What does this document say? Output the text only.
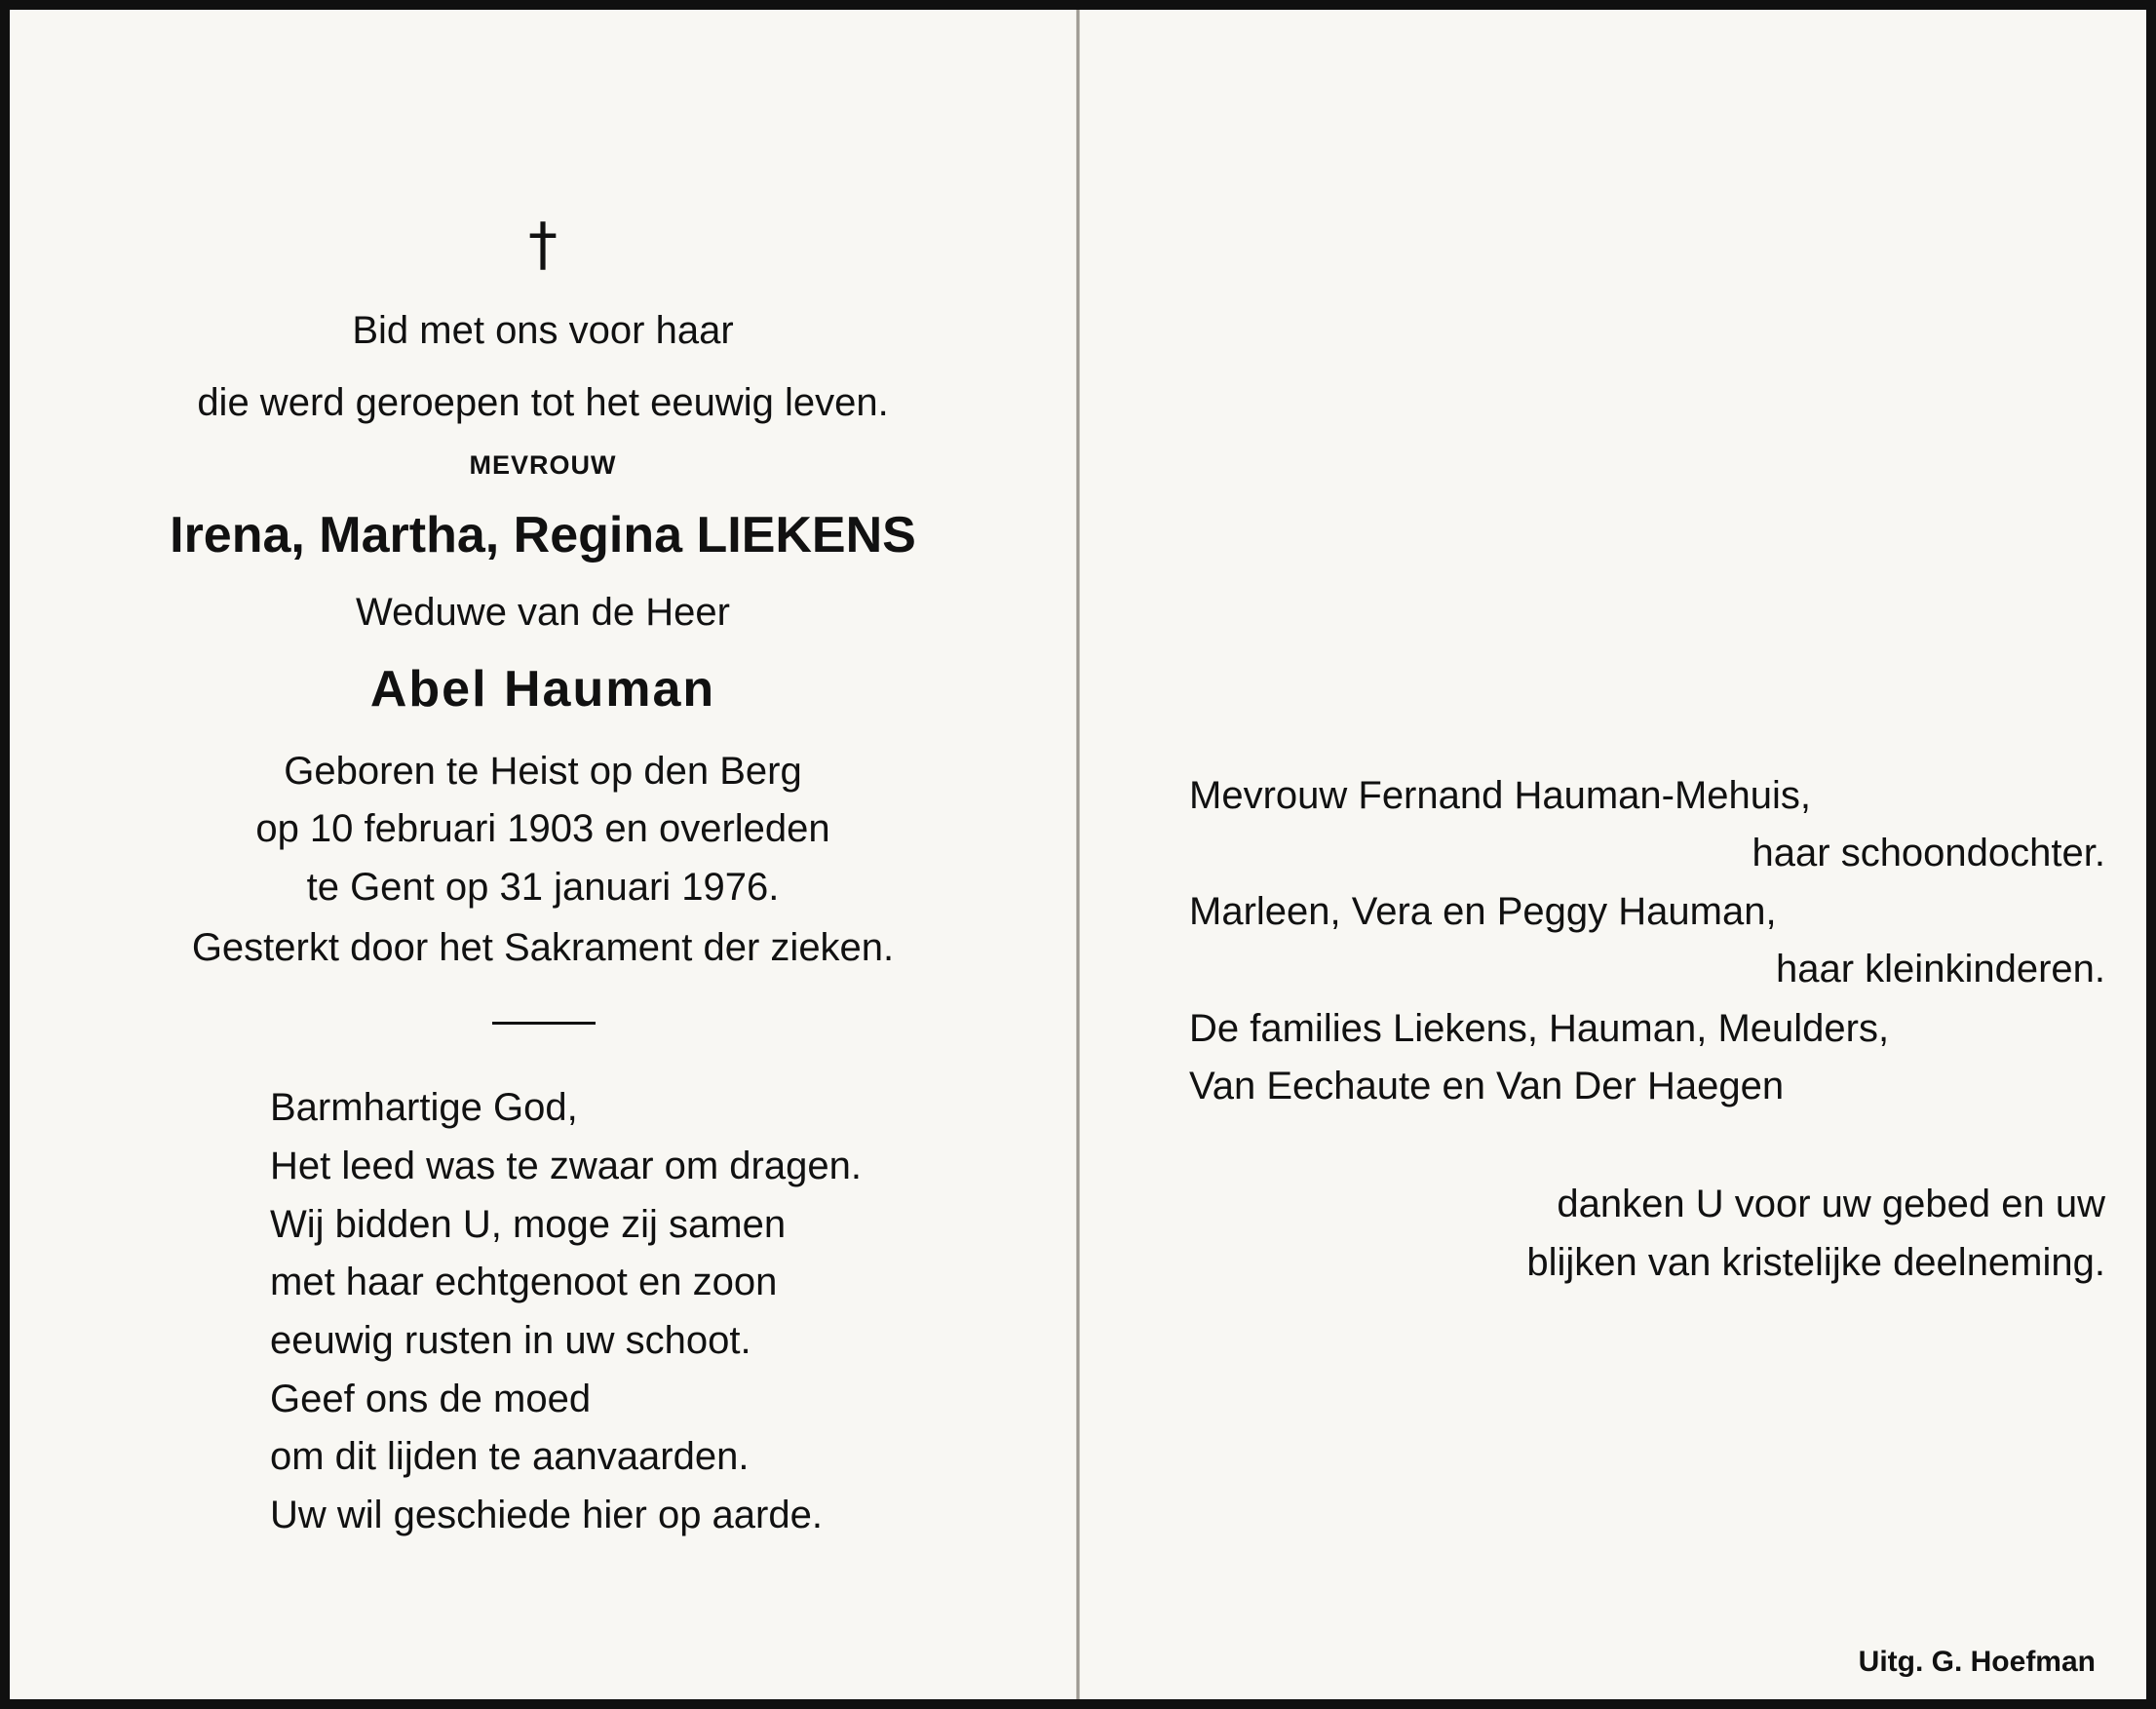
†
Bid met ons voor haar
die werd geroepen tot het eeuwig leven.
MEVROUW
Irena, Martha, Regina LIEKENS
Weduwe van de Heer
Abel Hauman
Geboren te Heist op den Berg
op 10 februari 1903 en overleden
te Gent op 31 januari 1976.
Gesterkt door het Sakrament der zieken.
Barmhartige God,
Het leed was te zwaar om dragen.
Wij bidden U, moge zij samen
met haar echtgenoot en zoon
eeuwig rusten in uw schoot.
Geef ons de moed
om dit lijden te aanvaarden.
Uw wil geschiede hier op aarde.
Mevrouw Fernand Hauman-Mehuis,
haar schoondochter.
Marleen, Vera en Peggy Hauman,
haar kleinkinderen.
De families Liekens, Hauman, Meulders,
Van Eechaute en Van Der Haegen
danken U voor uw gebed en uw
blijken van kristelijke deelneming.
Uitg. G. Hoefman
